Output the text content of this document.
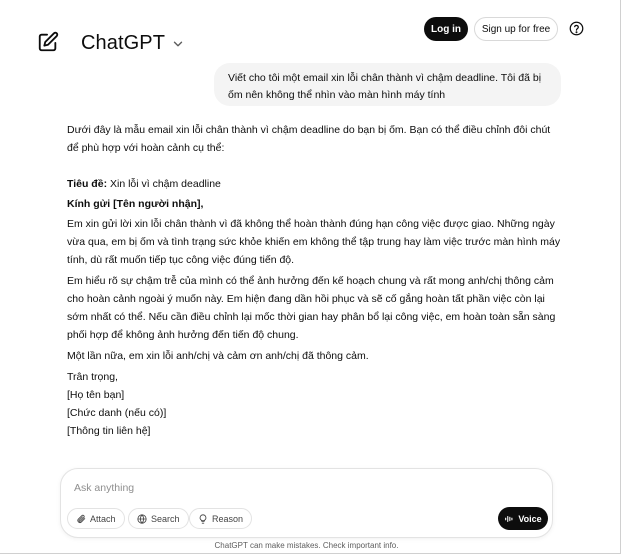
ChatGPT
Log in	Sign up for free
Viết cho tôi một email xin lỗi chân thành vì chậm deadline. Tôi đã bị ốm nên không thể nhìn vào màn hình máy tính

Dưới đây là mẫu email xin lỗi chân thành vì chậm deadline do bạn bị ốm. Bạn có thể điều chỉnh đôi chút để phù hợp với hoàn cảnh cụ thể:

Tiêu đề: Xin lỗi vì chậm deadline

Kính gửi [Tên người nhận],

Em xin gửi lời xin lỗi chân thành vì đã không thể hoàn thành đúng hạn công việc được giao. Những ngày vừa qua, em bị ốm và tình trạng sức khỏe khiến em không thể tập trung hay làm việc trước màn hình máy tính, dù rất muốn tiếp tục công việc đúng tiến độ.

Em hiểu rõ sự chậm trễ của mình có thể ảnh hưởng đến kế hoạch chung và rất mong anh/chị thông cảm cho hoàn cảnh ngoài ý muốn này. Em hiện đang dần hồi phục và sẽ cố gắng hoàn tất phần việc còn lại sớm nhất có thể. Nếu cần điều chỉnh lại mốc thời gian hay phân bổ lại công việc, em hoàn toàn sẵn sàng phối hợp để không ảnh hưởng đến tiến độ chung.

Một lần nữa, em xin lỗi anh/chị và cảm ơn anh/chị đã thông cảm.

Trân trọng,

[Họ tên bạn]

[Chức danh (nếu có)]

[Thông tin liên hệ]

Ask anything
Attach	Search	Reason	Voice
ChatGPT can make mistakes. Check important info.
